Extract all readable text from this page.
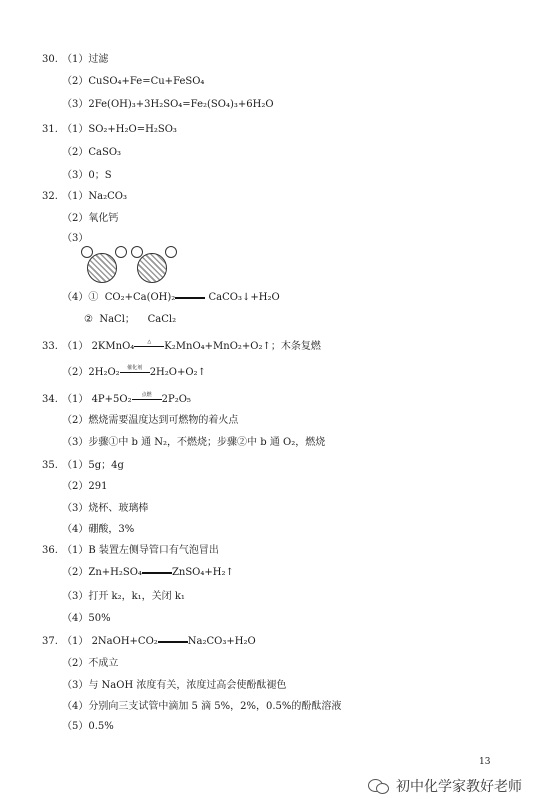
30. （1）过滤
（2）CuSO₄+Fe=Cu+FeSO₄
（3）2Fe(OH)₃+3H₂SO₄=Fe₂(SO₄)₃+6H₂O
31. （1）SO₂+H₂O=H₂SO₃
（2）CaSO₃
（3）0；S
32. （1）Na₂CO₃
（2）氧化钙
（3）
（4）① CO₂+Ca(OH)₂	CaCO₃↓+H₂O
② NaCl； CaCl₂
33. （1） 2KMnO₄	△	K₂MnO₄+MnO₂+O₂↑；木条复燃
（2）2H₂O₂	催化剂 2H₂O+O₂↑
34. （1） 4P+5O₂	点燃	2P₂O₅
（2）燃烧需要温度达到可燃物的着火点
（3）步骤①中 b 通 N₂，不燃烧；步骤②中 b 通 O₂，燃烧
35. （1）5g；4g
（2）291
（3）烧杯、玻璃棒
（4）硼酸，3%
36. （1）B 装置左侧导管口有气泡冒出
（2）Zn+H₂SO₄	ZnSO₄+H₂↑
（3）打开 k₂，k₁，关闭 k₁
（4）50%
37. （1） 2NaOH+CO₂	Na₂CO₃+H₂O
（2）不成立
（3）与 NaOH 浓度有关，浓度过高会使酚酞褪色
（4）分别向三支试管中滴加 5 滴 5%，2%，0.5%的酚酞溶液
（5）0.5%
13
初中化学家教好老师
